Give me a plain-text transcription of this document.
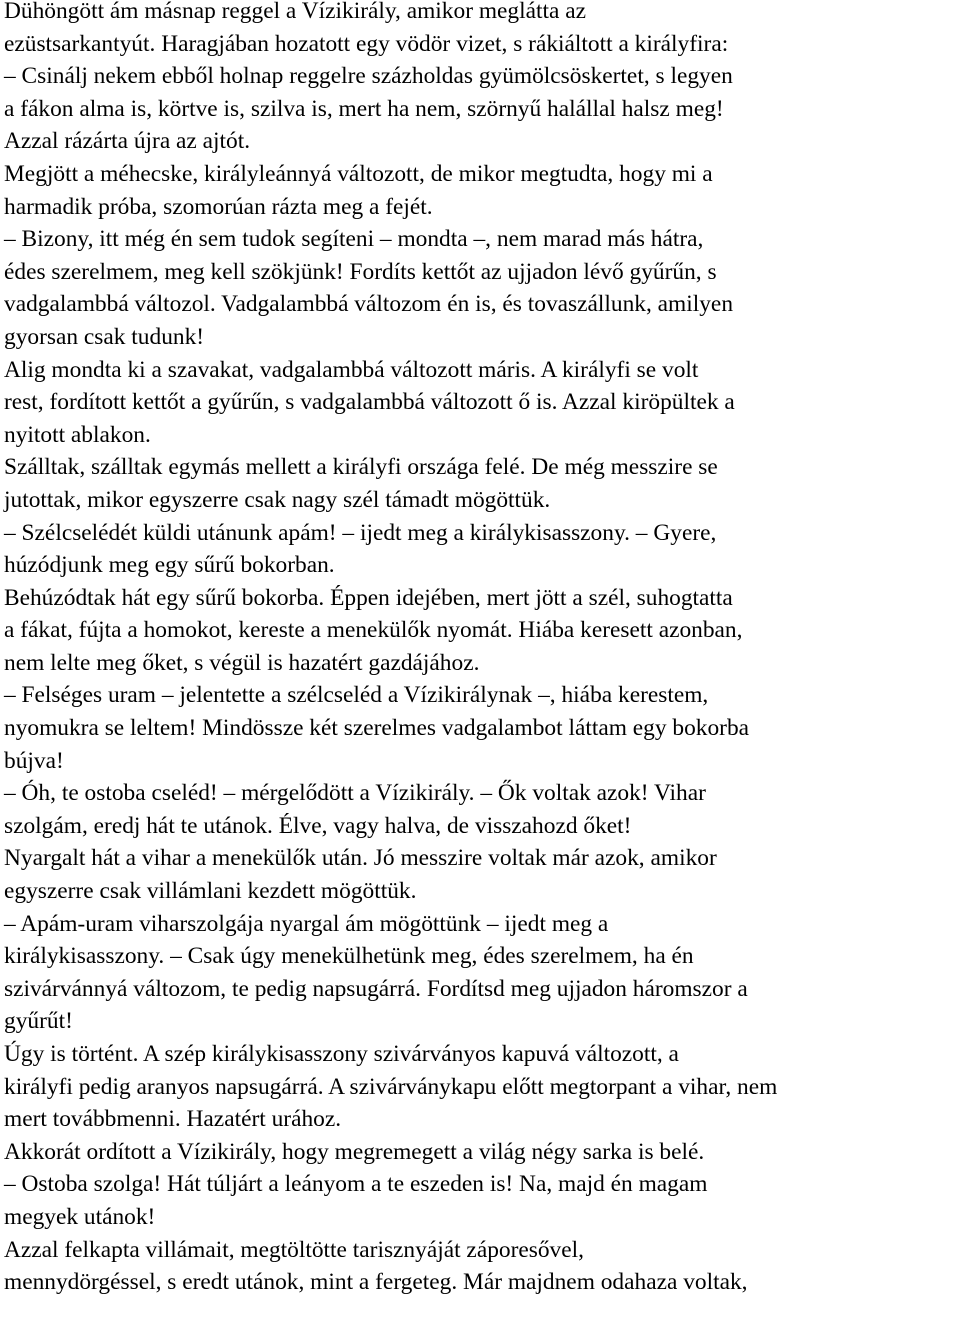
Dühöngött ám másnap reggel a Vízikirály, amikor meglátta az
ezüstsarkantyút. Haragjában hozatott egy vödör vizet, s rákiáltott a királyfira:
– Csinálj nekem ebből holnap reggelre százholdas gyümölcsöskertet, s legyen
a fákon alma is, körtve is, szilva is, mert ha nem, szörnyű halállal halsz meg!
Azzal rázárta újra az ajtót.
Megjött a méhecske, királyleánnyá változott, de mikor megtudta, hogy mi a
harmadik próba, szomorúan rázta meg a fejét.
– Bizony, itt még én sem tudok segíteni – mondta –, nem marad más hátra,
édes szerelmem, meg kell szökjünk! Fordíts kettőt az ujjadon lévő gyűrűn, s
vadgalambbá változol. Vadgalambbá változom én is, és tovaszállunk, amilyen
gyorsan csak tudunk!
Alig mondta ki a szavakat, vadgalambbá változott máris. A királyfi se volt
rest, fordított kettőt a gyűrűn, s vadgalambbá változott ő is. Azzal kiröpültek a
nyitott ablakon.
Szálltak, szálltak egymás mellett a királyfi országa felé. De még messzire se
jutottak, mikor egyszerre csak nagy szél támadt mögöttük.
– Szélcselédét küldi utánunk apám! – ijedt meg a királykisasszony. – Gyere,
húzódjunk meg egy sűrű bokorban.
Behúzódtak hát egy sűrű bokorba. Éppen idejében, mert jött a szél, suhogtatta
a fákat, fújta a homokot, kereste a menekülők nyomát. Hiába keresett azonban,
nem lelte meg őket, s végül is hazatért gazdájához.
– Felséges uram – jelentette a szélcseléd a Vízikirálynak –, hiába kerestem,
nyomukra se leltem! Mindössze két szerelmes vadgalambot láttam egy bokorba
bújva!
– Óh, te ostoba cseléd! – mérgelődött a Vízikirály. – Ők voltak azok! Vihar
szolgám, eredj hát te utánok. Élve, vagy halva, de visszahozd őket!
Nyargalt hát a vihar a menekülők után. Jó messzire voltak már azok, amikor
egyszerre csak villámlani kezdett mögöttük.
– Apám-uram viharszolgája nyargal ám mögöttünk – ijedt meg a
királykisasszony. – Csak úgy menekülhetünk meg, édes szerelmem, ha én
szivárvánnyá változom, te pedig napsugárrá. Fordítsd meg ujjadon háromszor a
gyűrűt!
Úgy is történt. A szép királykisasszony szivárványos kapuvá változott, a
királyfi pedig aranyos napsugárrá. A szivárványkapu előtt megtorpant a vihar, nem
mert továbbmenni. Hazatért urához.
Akkorát ordított a Vízikirály, hogy megremegett a világ négy sarka is belé.
– Ostoba szolga! Hát túljárt a leányom a te eszeden is! Na, majd én magam
megyek utánok!
Azzal felkapta villámait, megtöltötte tarisznyáját záporesővel,
mennydörgéssel, s eredt utánok, mint a fergeteg. Már majdnem odahaza voltak,
